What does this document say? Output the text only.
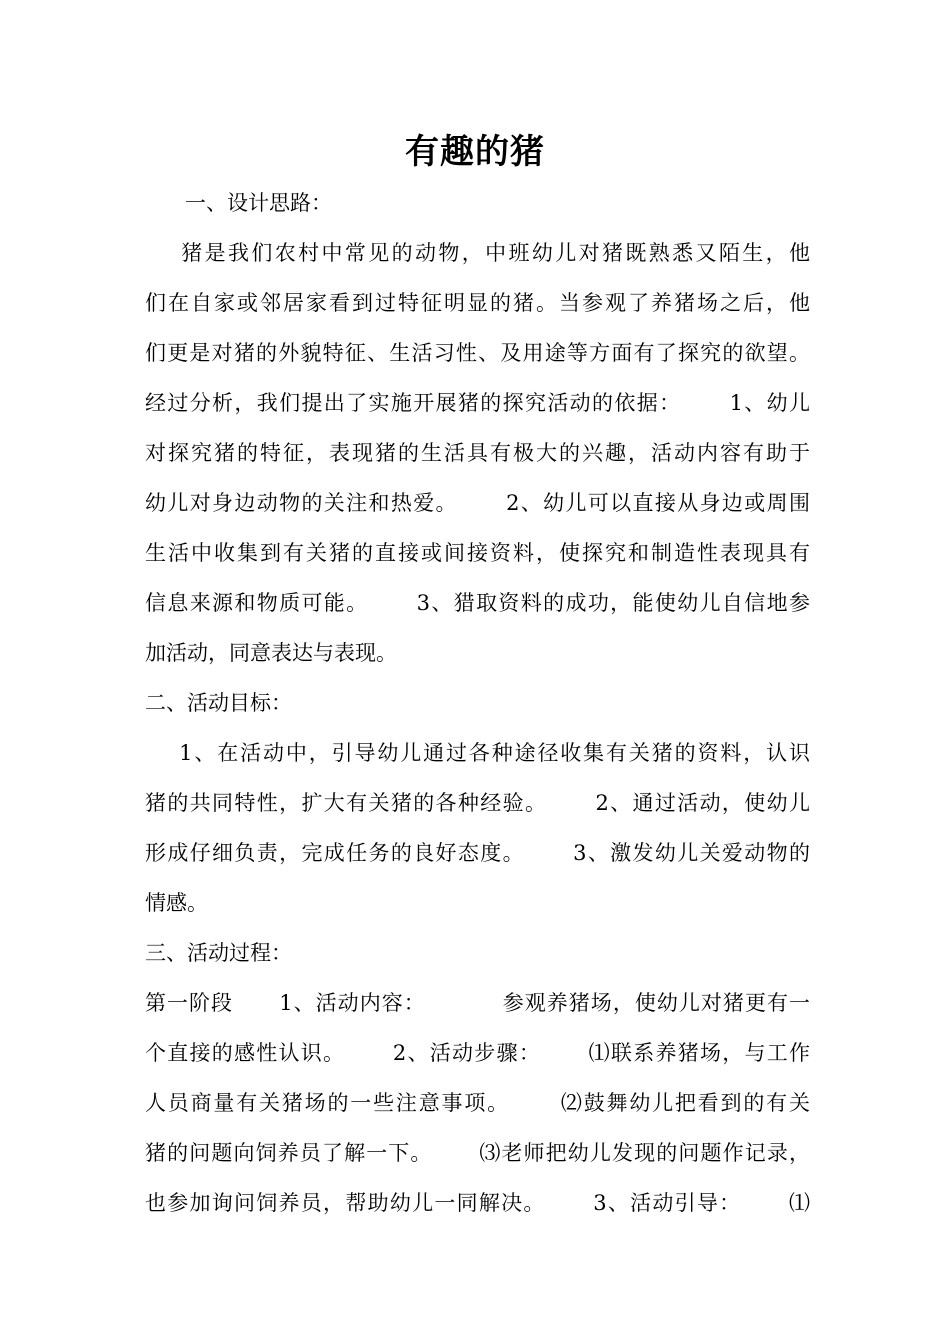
有趣的猪
一、设计思路：
猪是我们农村中常见的动物，中班幼儿对猪既熟悉又陌生，他
们在自家或邻居家看到过特征明显的猪。当参观了养猪场之后，他
们更是对猪的外貌特征、生活习性、及用途等方面有了探究的欲望。
经过分析，我们提出了实施开展猪的探究活动的依据：      1、幼儿
对探究猪的特征，表现猪的生活具有极大的兴趣，活动内容有助于
幼儿对身边动物的关注和热爱。      2、幼儿可以直接从身边或周围
生活中收集到有关猪的直接或间接资料，使探究和制造性表现具有
信息来源和物质可能。      3、猎取资料的成功，能使幼儿自信地参
加活动，同意表达与表现。
二、活动目标：
1、在活动中，引导幼儿通过各种途径收集有关猪的资料，认识
猪的共同特性，扩大有关猪的各种经验。      2、通过活动，使幼儿
形成仔细负责，完成任务的良好态度。      3、激发幼儿关爱动物的
情感。
三、活动过程：
第一阶段      1、活动内容：          参观养猪场，使幼儿对猪更有一
个直接的感性认识。      2、活动步骤：      ⑴联系养猪场，与工作
人员商量有关猪场的一些注意事项。      ⑵鼓舞幼儿把看到的有关
猪的问题向饲养员了解一下。      ⑶老师把幼儿发现的问题作记录，
也参加询问饲养员，帮助幼儿一同解决。      3、活动引导：      ⑴
